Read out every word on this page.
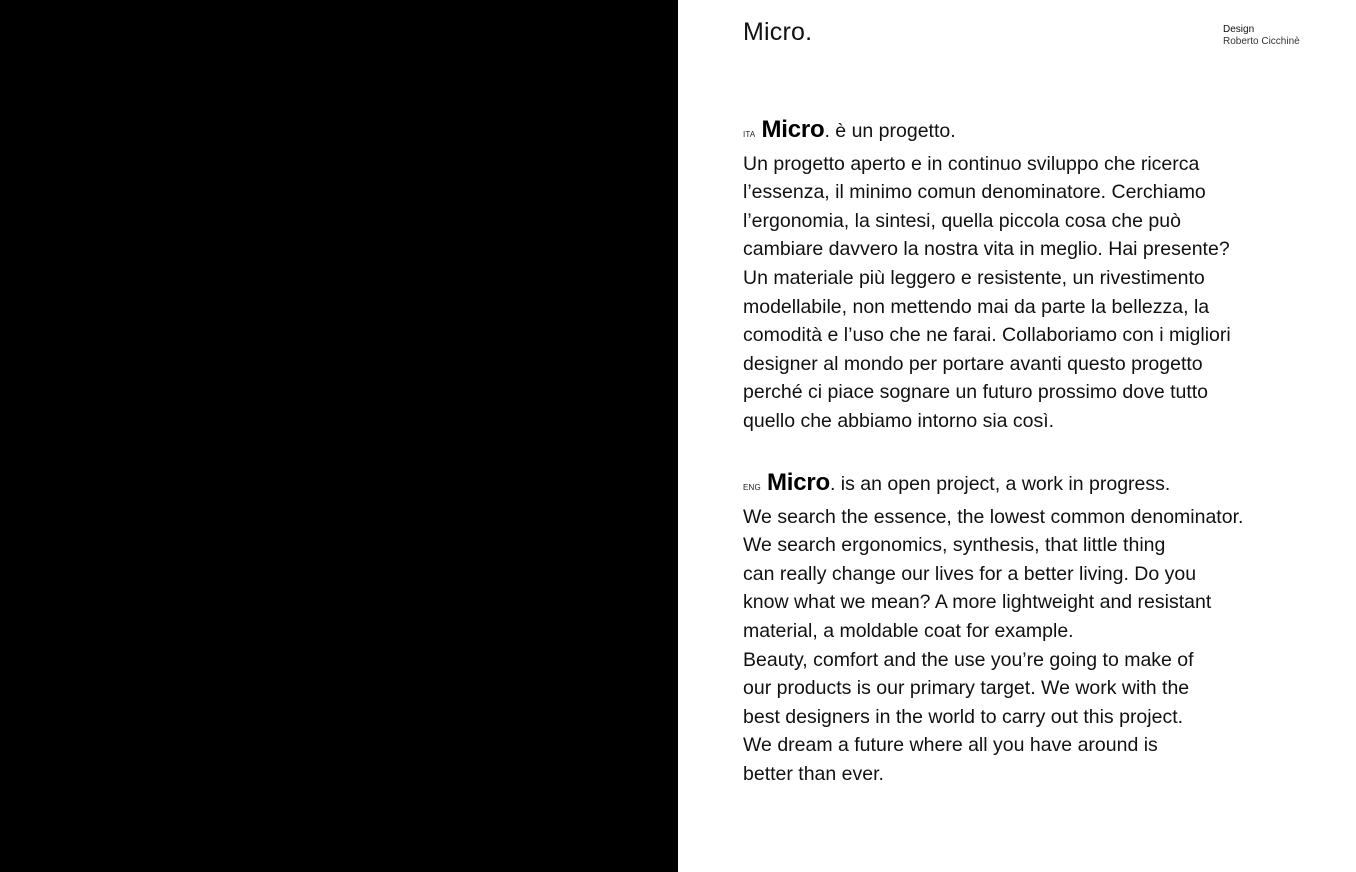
Micro.	Design
Roberto Cicchinè
ITA Micro. è un progetto.
Un progetto aperto e in continuo sviluppo che ricerca
l’essenza, il minimo comun denominatore. Cerchiamo
l’ergonomia, la sintesi, quella piccola cosa che può
cambiare davvero la nostra vita in meglio. Hai presente?
Un materiale più leggero e resistente, un rivestimento
modellabile, non mettendo mai da parte la bellezza, la
comodità e l’uso che ne farai. Collaboriamo con i migliori
designer al mondo per portare avanti questo progetto
perché ci piace sognare un futuro prossimo dove tutto
quello che abbiamo intorno sia così.
ENG Micro. is an open project, a work in progress.
We search the essence, the lowest common denominator.
We search ergonomics, synthesis, that little thing
can really change our lives for a better living. Do you
know what we mean? A more lightweight and resistant
material, a moldable coat for example.
Beauty, comfort and the use you’re going to make of
our products is our primary target. We work with the
best designers in the world to carry out this project.
We dream a future where all you have around is
better than ever.
